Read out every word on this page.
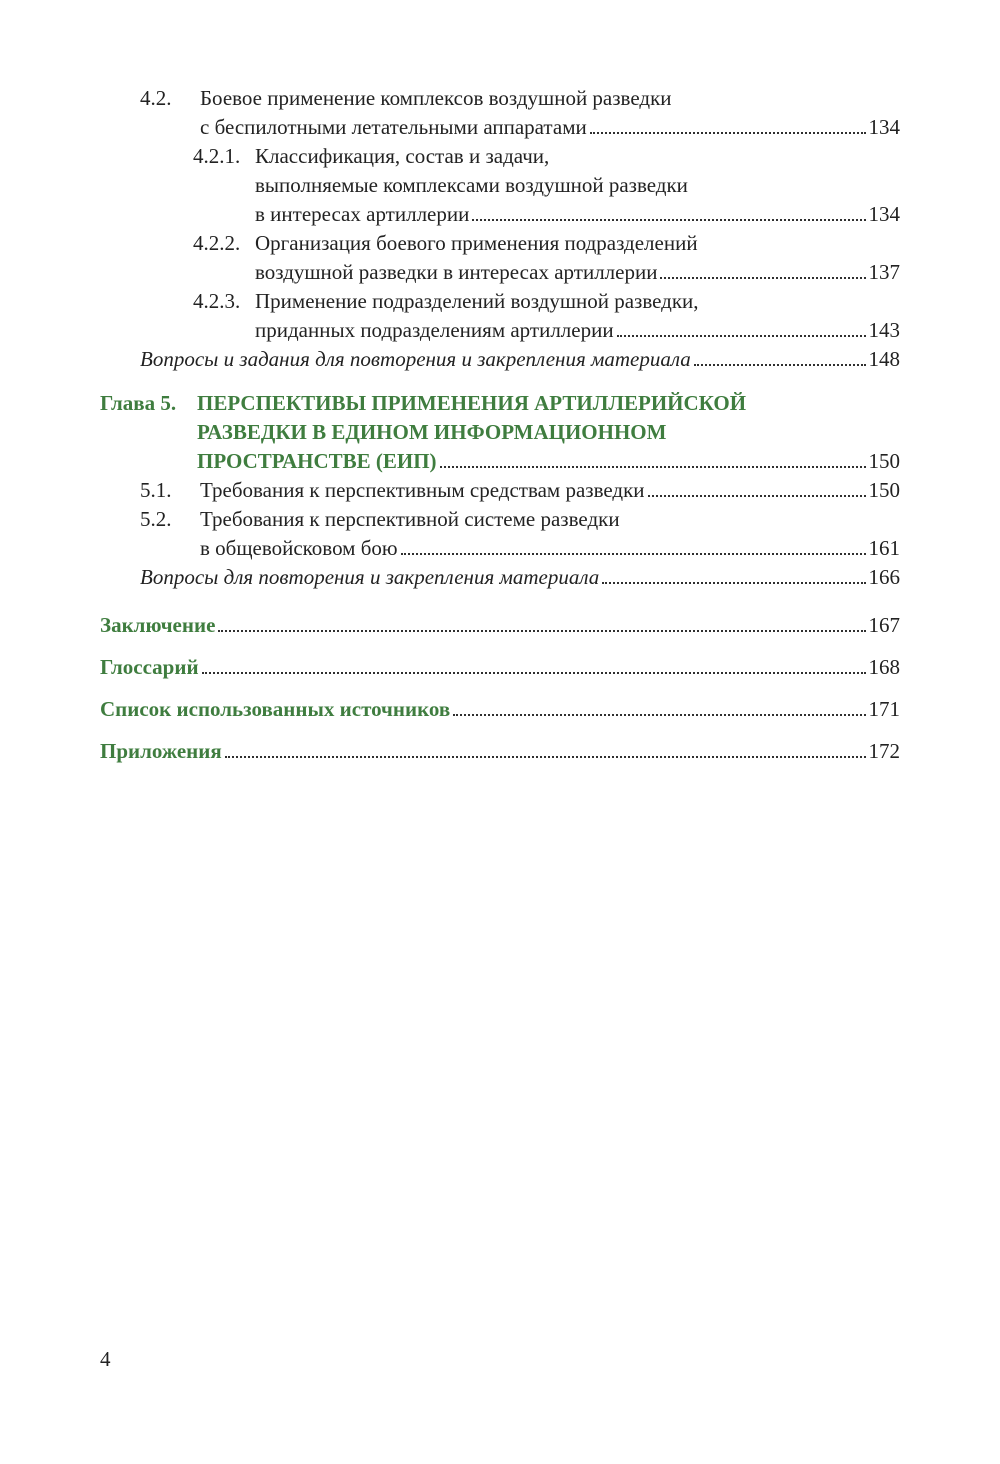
4.2. Боевое применение комплексов воздушной разведки
с беспилотными летательными аппаратами	134
4.2.1. Классификация, состав и задачи,
выполняемые комплексами воздушной разведки
в интересах артиллерии	134
4.2.2. Организация боевого применения подразделений
воздушной разведки в интересах артиллерии	137
4.2.3. Применение подразделений воздушной разведки,
приданных подразделениям артиллерии	143
Вопросы и задания для повторения и закрепления материала	148
Глава 5. ПЕРСПЕКТИВЫ ПРИМЕНЕНИЯ АРТИЛЛЕРИЙСКОЙ
РАЗВЕДКИ В ЕДИНОМ ИНФОРМАЦИОННОМ
ПРОСТРАНСТВЕ (ЕИП)	150
5.1. Требования к перспективным средствам разведки	150
5.2. Требования к перспективной системе разведки
в общевойсковом бою	161
Вопросы для повторения и закрепления материала	166
Заключение	167
Глоссарий	168
Список использованных источников	171
Приложения	172
4
